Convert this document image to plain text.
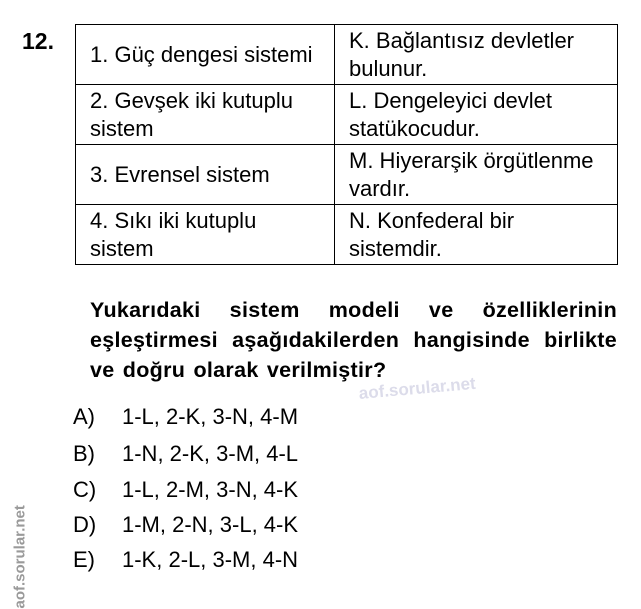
12.
1. Güç dengesi sistemi	K. Bağlantısız devletler bulunur.
2. Gevşek iki kutuplu sistem	L. Dengeleyici devlet statükocudur.
3. Evrensel sistem	M. Hiyerarşik örgütlenme vardır.
4. Sıkı iki kutuplu sistem	N. Konfederal bir sistemdir.
Yukarıdaki sistem modeli ve özelliklerinin eşleştirmesi aşağıdakilerden hangisinde birlikte ve doğru olarak verilmiştir?
aof.sorular.net
aof.sorular.net
A) 1-L, 2-K, 3-N, 4-M
B) 1-N, 2-K, 3-M, 4-L
C) 1-L, 2-M, 3-N, 4-K
D) 1-M, 2-N, 3-L, 4-K
E) 1-K, 2-L, 3-M, 4-N
